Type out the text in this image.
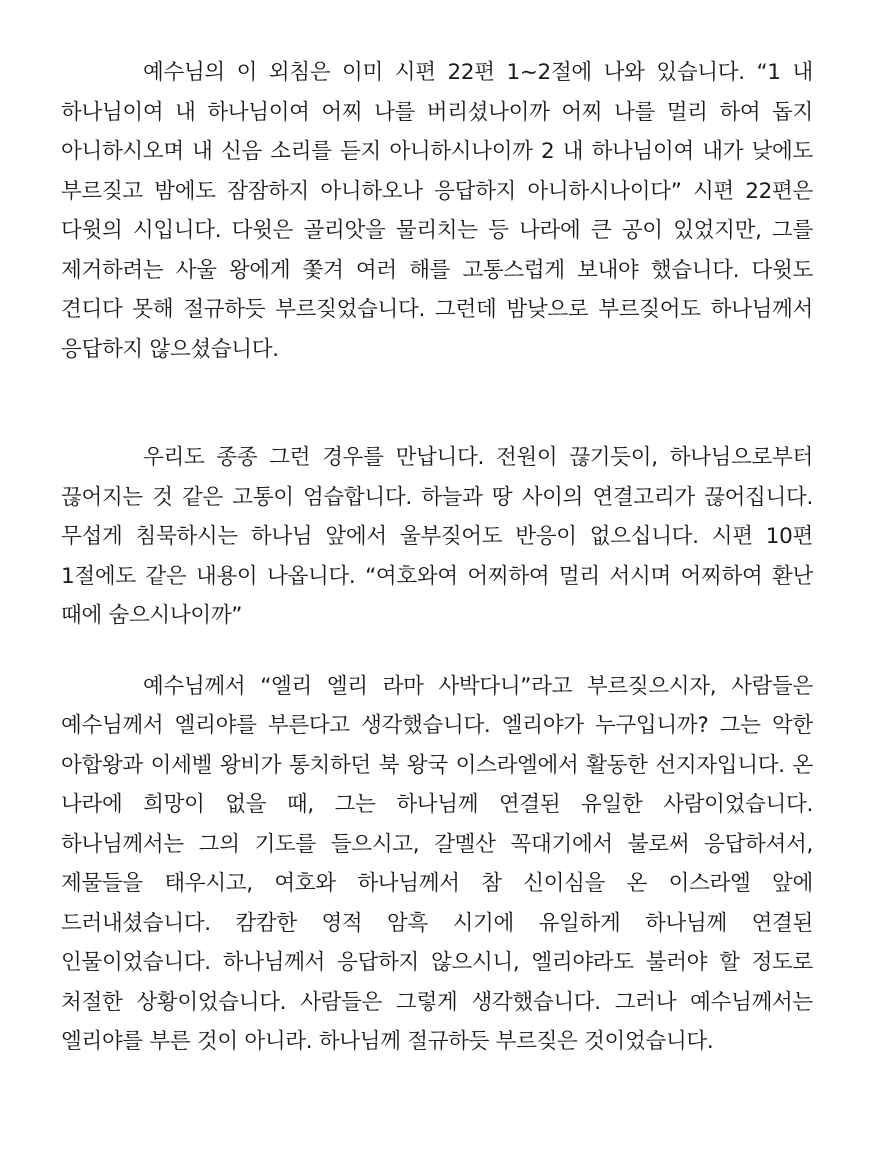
예수님의 이 외침은 이미 시편 22편 1~2절에 나와 있습니다. “1 내 하나님이여 내 하나님이여 어찌 나를 버리셨나이까 어찌 나를 멀리 하여 돕지 아니하시오며 내 신음 소리를 듣지 아니하시나이까 2 내 하나님이여 내가 낮에도 부르짖고 밤에도 잠잠하지 아니하오나 응답하지 아니하시나이다” 시편 22편은 다윗의 시입니다. 다윗은 골리앗을 물리치는 등 나라에 큰 공이 있었지만, 그를 제거하려는 사울 왕에게 쫓겨 여러 해를 고통스럽게 보내야 했습니다. 다윗도 견디다 못해 절규하듯 부르짖었습니다. 그런데 밤낮으로 부르짖어도 하나님께서 응답하지 않으셨습니다.

우리도 종종 그런 경우를 만납니다. 전원이 끊기듯이, 하나님으로부터 끊어지는 것 같은 고통이 엄습합니다. 하늘과 땅 사이의 연결고리가 끊어집니다. 무섭게 침묵하시는 하나님 앞에서 울부짖어도 반응이 없으십니다. 시편 10편 1절에도 같은 내용이 나옵니다. “여호와여 어찌하여 멀리 서시며 어찌하여 환난 때에 숨으시나이까”

예수님께서 “엘리 엘리 라마 사박다니”라고 부르짖으시자, 사람들은 예수님께서 엘리야를 부른다고 생각했습니다. 엘리야가 누구입니까? 그는 악한 아합왕과 이세벨 왕비가 통치하던 북 왕국 이스라엘에서 활동한 선지자입니다. 온 나라에 희망이 없을 때, 그는 하나님께 연결된 유일한 사람이었습니다. 하나님께서는 그의 기도를 들으시고, 갈멜산 꼭대기에서 불로써 응답하셔서, 제물들을 태우시고, 여호와 하나님께서 참 신이심을 온 이스라엘 앞에 드러내셨습니다. 캄캄한 영적 암흑 시기에 유일하게 하나님께 연결된 인물이었습니다. 하나님께서 응답하지 않으시니, 엘리야라도 불러야 할 정도로 처절한 상황이었습니다. 사람들은 그렇게 생각했습니다. 그러나 예수님께서는 엘리야를 부른 것이 아니라. 하나님께 절규하듯 부르짖은 것이었습니다.
